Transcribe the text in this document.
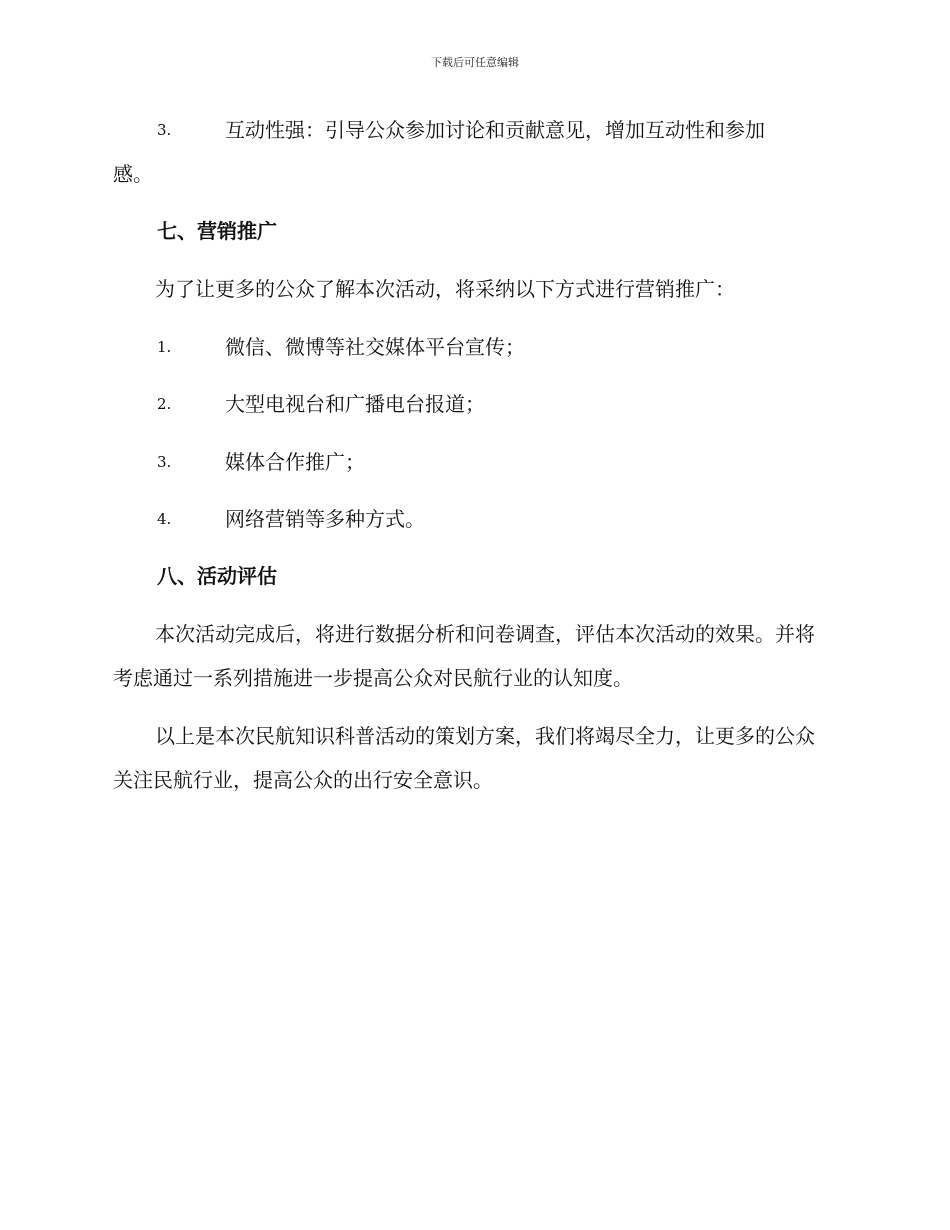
下载后可任意编辑
3.	互动性强：引导公众参加讨论和贡献意见，增加互动性和参加
感。
七、营销推广

为了让更多的公众了解本次活动，将采纳以下方式进行营销推广：

1.	微信、微博等社交媒体平台宣传；
2.	大型电视台和广播电台报道；
3.	媒体合作推广；
4.	网络营销等多种方式。
八、活动评估

本次活动完成后，将进行数据分析和问卷调查，评估本次活动的效果。并将考虑通过一系列措施进一步提高公众对民航行业的认知度。

以上是本次民航知识科普活动的策划方案，我们将竭尽全力，让更多的公众关注民航行业，提高公众的出行安全意识。
